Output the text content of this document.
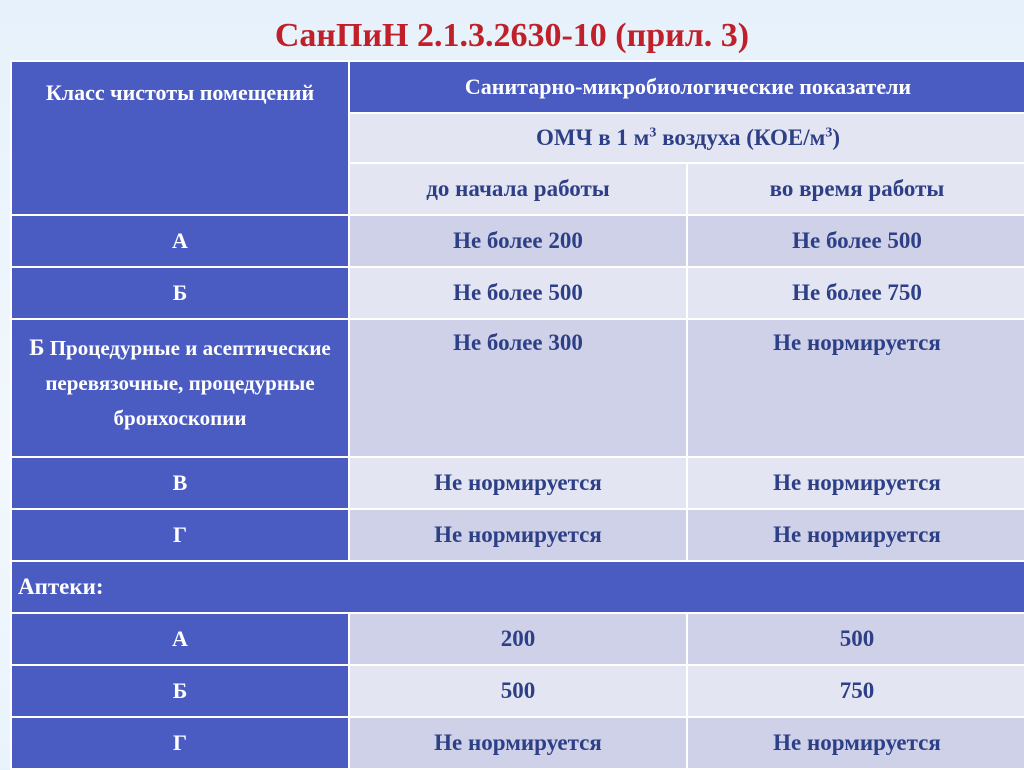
СанПиН 2.1.3.2630-10 (прил. 3)
Класс чистоты помещений	Санитарно-микробиологические показатели	
	ОМЧ в 1 $м^3$ воздуха $(КОЕ/м^3)$	
	до начала работы	во время работы
А	Не более 200	Не более 500
Б	Не более 500	Не более 750
Б Процедурные и асептические перевязочные, процедурные бронхоскопии	Не более 300	Не нормируется
В	Не нормируется	Не нормируется
Г	Не нормируется	Не нормируется
Аптеки:		
А	200	500
Б	500	750
Г	Не нормируется	Не нормируется
